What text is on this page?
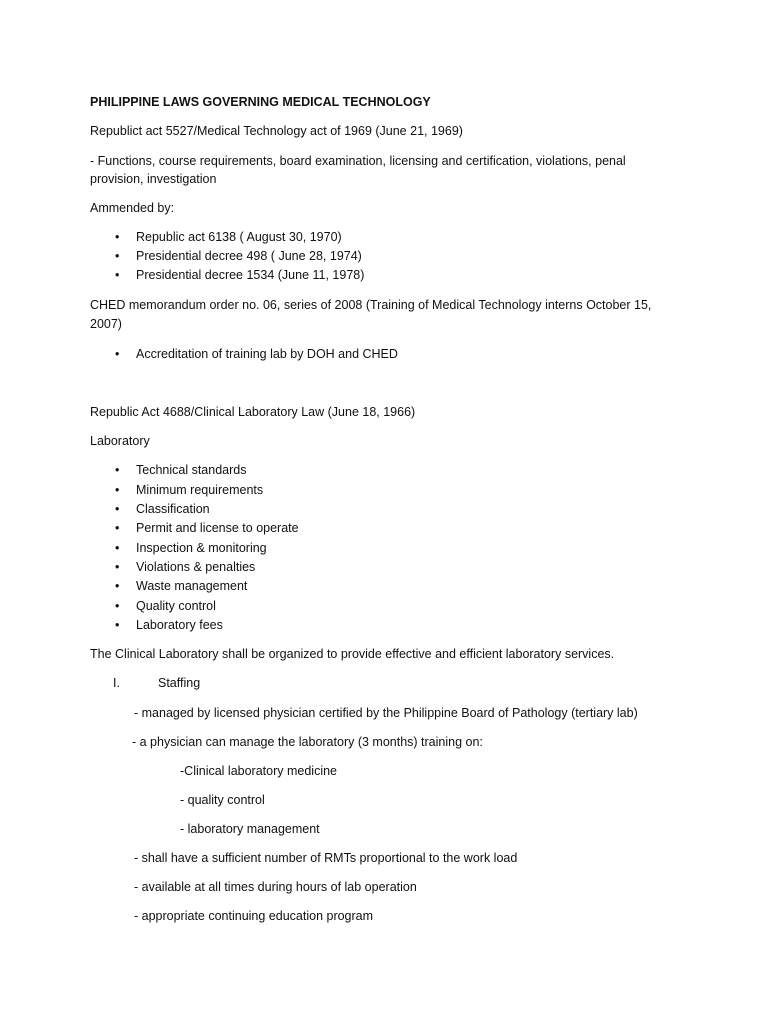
PHILIPPINE LAWS GOVERNING MEDICAL TECHNOLOGY
Republict act 5527/Medical Technology act of 1969 (June 21, 1969)
- Functions, course requirements, board examination, licensing and certification, violations, penal
provision, investigation
Ammended by:
• Republic act 6138 ( August 30, 1970)
• Presidential decree 498 ( June 28, 1974)
• Presidential decree 1534 (June 11, 1978)
CHED memorandum order no. 06, series of 2008 (Training of Medical Technology interns October 15,
2007)
• Accreditation of training lab by DOH and CHED
Republic Act 4688/Clinical Laboratory Law (June 18, 1966)
Laboratory
• Technical standards
• Minimum requirements
• Classification
• Permit and license to operate
• Inspection & monitoring
• Violations & penalties
• Waste management
• Quality control
• Laboratory fees
The Clinical Laboratory shall be organized to provide effective and efficient laboratory services.
I.	Staffing
- managed by licensed physician certified by the Philippine Board of Pathology (tertiary lab)
- a physician can manage the laboratory (3 months) training on:
-Clinical laboratory medicine
- quality control
- laboratory management
- shall have a sufficient number of RMTs proportional to the work load
- available at all times during hours of lab operation
- appropriate continuing education program
